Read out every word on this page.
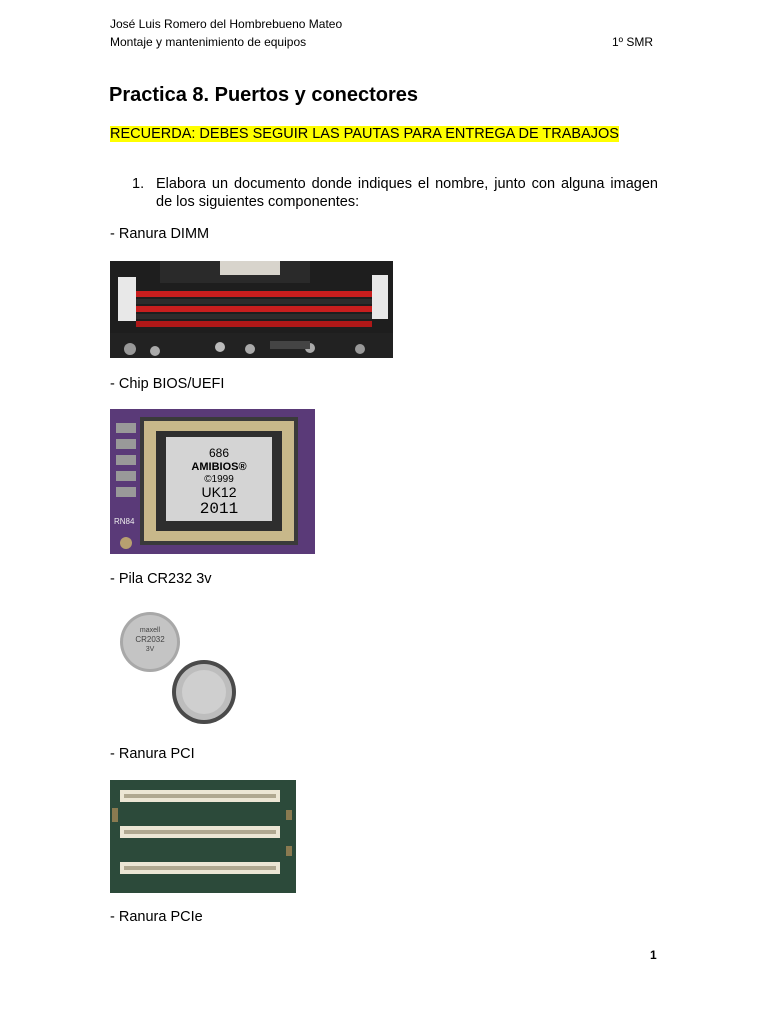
José Luis Romero del Hombrebueno Mateo
Montaje y mantenimiento de equipos	1º SMR
Practica 8. Puertos y conectores
RECUERDA: DEBES SEGUIR LAS PAUTAS PARA ENTREGA DE TRABAJOS
1. Elabora un documento donde indiques el nombre, junto con alguna imagen de los siguientes componentes:
- Ranura DIMM
- Chip BIOS/UEFI
686
AMIBIOS®
©1999
UK12
2011
RN84
- Pila CR232 3v
maxell
CR2032
3V
- Ranura PCI
- Ranura PCIe
1
